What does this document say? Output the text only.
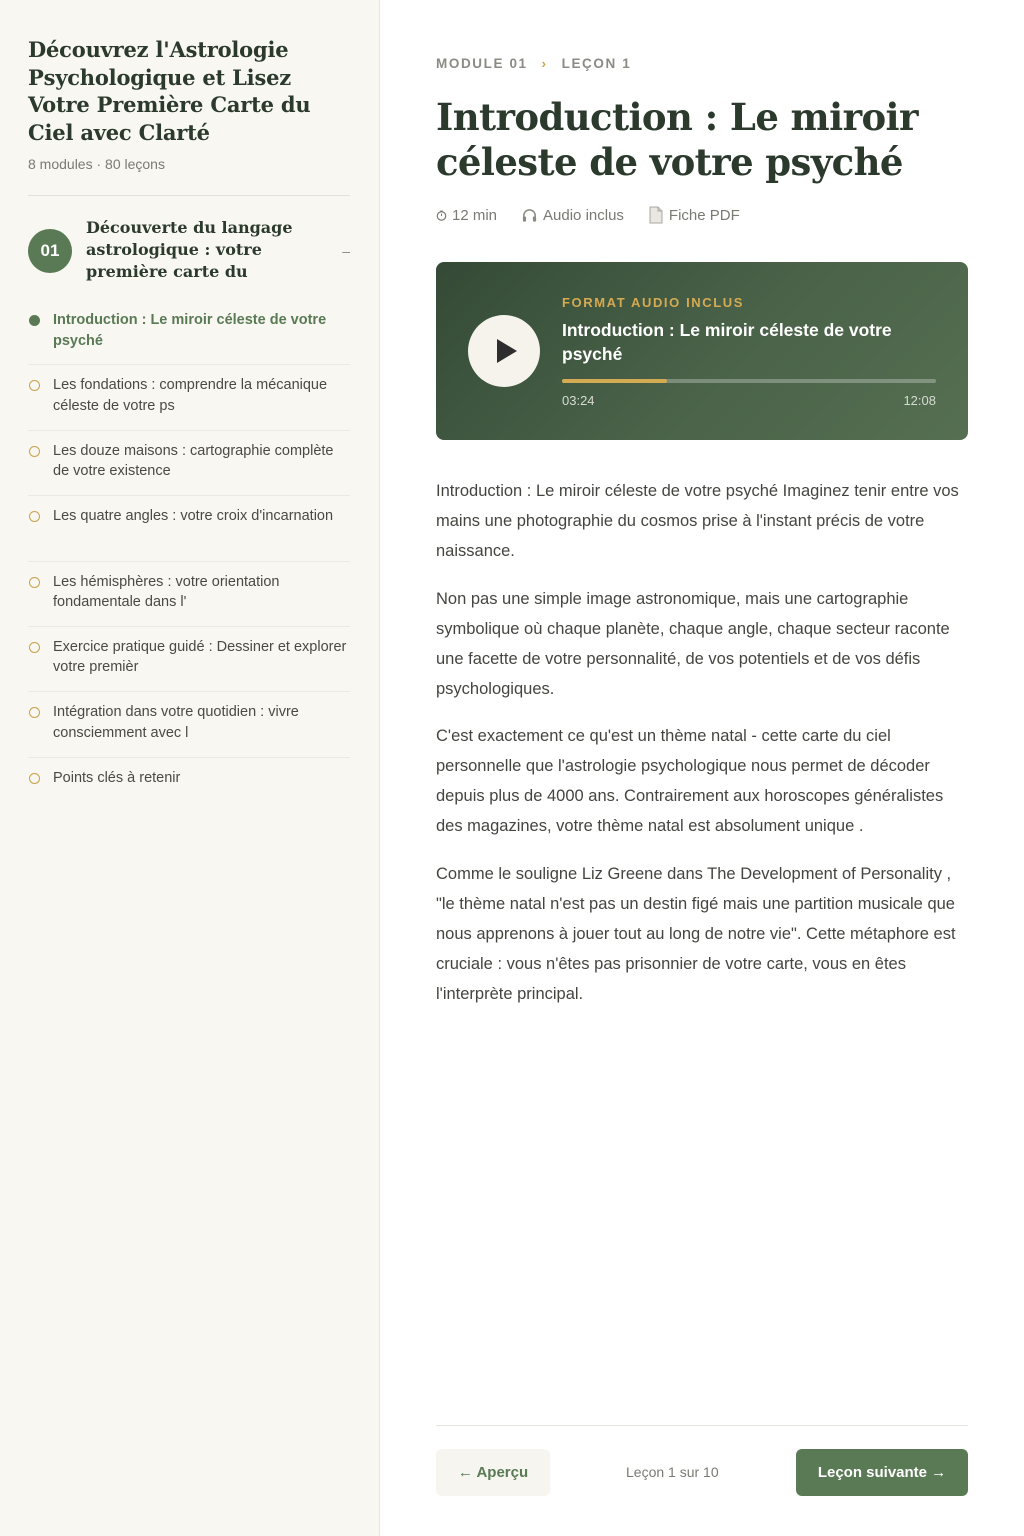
Découvrez l'Astrologie Psychologique et Lisez Votre Première Carte du Ciel avec Clarté
8 modules · 80 leçons
01
Découverte du langage astrologique : votre première carte du
–
Introduction : Le miroir céleste de votre psyché
Les fondations : comprendre la mécanique céleste de votre ps
Les douze maisons : cartographie complète de votre existence
Les quatre angles : votre croix d'incarnation
Les hémisphères : votre orientation fondamentale dans l'
Exercice pratique guidé : Dessiner et explorer votre premièr
Intégration dans votre quotidien : vivre consciemment avec l
Points clés à retenir
MODULE 01 › LEÇON 1
Introduction : Le miroir céleste de votre psyché
12 min	Audio inclus	Fiche PDF
FORMAT AUDIO INCLUS
Introduction : Le miroir céleste de votre psyché
03:24	12:08

Introduction : Le miroir céleste de votre psyché Imaginez tenir entre vos mains une photographie du cosmos prise à l'instant précis de votre naissance.

Non pas une simple image astronomique, mais une cartographie symbolique où chaque planète, chaque angle, chaque secteur raconte une facette de votre personnalité, de vos potentiels et de vos défis psychologiques.

C'est exactement ce qu'est un thème natal - cette carte du ciel personnelle que l'astrologie psychologique nous permet de décoder depuis plus de 4000 ans. Contrairement aux horoscopes généralistes des magazines, votre thème natal est absolument unique .

Comme le souligne Liz Greene dans The Development of Personality , "le thème natal n'est pas un destin figé mais une partition musicale que nous apprenons à jouer tout au long de notre vie". Cette métaphore est cruciale : vous n'êtes pas prisonnier de votre carte, vous en êtes l'interprète principal.

← Aperçu	Leçon 1 sur 10	Leçon suivante →
